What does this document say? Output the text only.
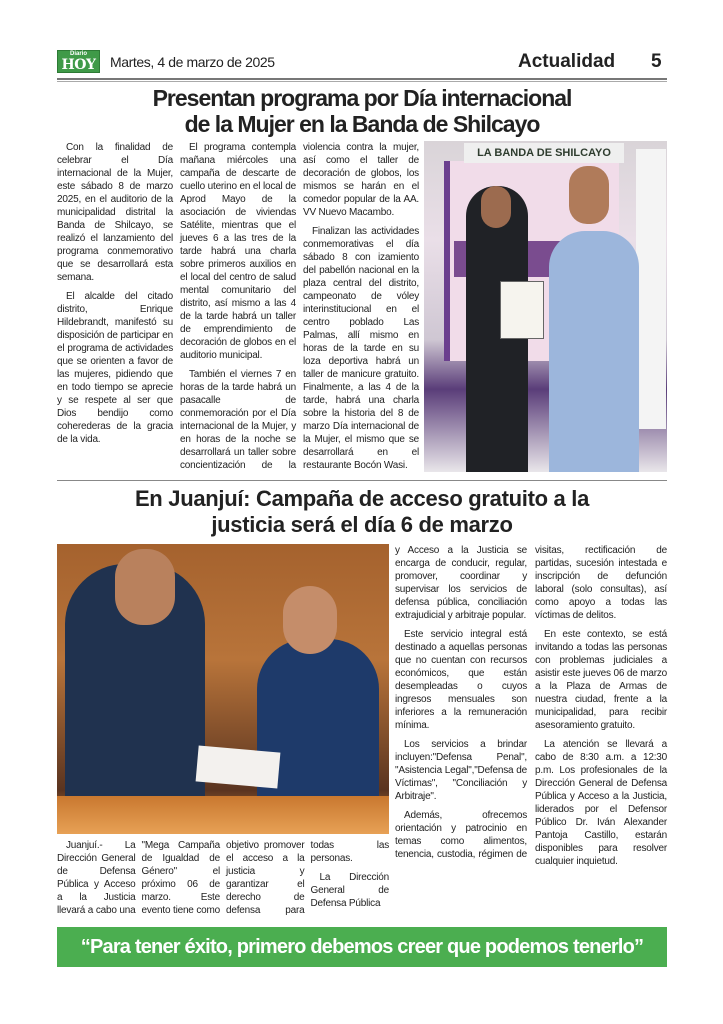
Diario
HOY Martes, 4 de marzo de 2025	Actualidad 5
Presentan programa por Día internacional
de la Mujer en la Banda de Shilcayo

Con la finalidad de celebrar el Día internacional de la Mujer, este sábado 8 de marzo 2025, en el auditorio de la municipalidad distrital la Banda de Shilcayo, se realizó el lanzamiento del programa conmemorativo que se desarrollará esta semana.

El alcalde del citado distrito, Enrique Hildebrandt, manifestó su disposición de participar en el programa de actividades que se orienten a favor de las mujeres, pidiendo que en todo tiempo se aprecie y se respete al ser que Dios bendijo como coherederas de la gracia de la vida.

El programa contempla mañana miércoles una campaña de descarte de cuello uterino en el local de Aprod Mayo de la asociación de viviendas Satélite, mientras que el jueves 6 a las tres de la tarde habrá una charla sobre primeros auxilios en el local del centro de salud mental comunitario del distrito, así mismo a las 4 de la tarde habrá un taller de emprendimiento de decoración de globos en el auditorio municipal.

También el viernes 7 en horas de la tarde habrá un pasacalle de conmemoración por el Día internacional de la Mujer, y en horas de la noche se desarrollará un taller sobre concientización de la violencia contra la mujer, así como el taller de decoración de globos, los mismos se harán en el comedor popular de la AA. VV Nuevo Macambo.

Finalizan las actividades conmemorativas el día sábado 8 con izamiento del pabellón nacional en la plaza central del distrito, campeonato de vóley interinstitucional en el centro poblado Las Palmas, allí mismo en horas de la tarde en su loza deportiva habrá un taller de manicure gratuito. Finalmente, a las 4 de la tarde, habrá una charla sobre la historia del 8 de marzo Día internacional de la Mujer, el mismo que se desarrollará en el restaurante Bocón Wasi.

LA BANDA DE SHILCAYO
En Juanjuí: Campaña de acceso gratuito a la
justicia será el día 6 de marzo

Juanjuí.- La Dirección General de Defensa Pública y Acceso a la Justicia llevará a cabo una "Mega Campaña de Igualdad de Género" el próximo 06 de marzo. Este evento tiene como objetivo promover el acceso a la justicia y garantizar el derecho de defensa para todas las personas.

La Dirección General de Defensa Pública

y Acceso a la Justicia se encarga de conducir, regular, promover, coordinar y supervisar los servicios de defensa pública, conciliación extrajudicial y arbitraje popular.

Este servicio integral está destinado a aquellas personas que no cuentan con recursos económicos, que están desempleadas o cuyos ingresos mensuales son inferiores a la remuneración mínima.

Los servicios a brindar incluyen:"Defensa Penal", "Asistencia Legal","Defensa de Víctimas", "Conciliación y Arbitraje".

Además, ofrecemos orientación y patrocinio en temas como alimentos, tenencia, custodia, régimen de visitas, rectificación de partidas, sucesión intestada e inscripción de defunción laboral (solo consultas), así como apoyo a todas las víctimas de delitos.

En este contexto, se está invitando a todas las personas con problemas judiciales a asistir este jueves 06 de marzo a la Plaza de Armas de nuestra ciudad, frente a la municipalidad, para recibir asesoramiento gratuito.

La atención se llevará a cabo de 8:30 a.m. a 12:30 p.m. Los profesionales de la Dirección General de Defensa Pública y Acceso a la Justicia, liderados por el Defensor Público Dr. Iván Alexander Pantoja Castillo, estarán disponibles para resolver cualquier inquietud.

“Para tener éxito, primero debemos creer que podemos tenerlo”
